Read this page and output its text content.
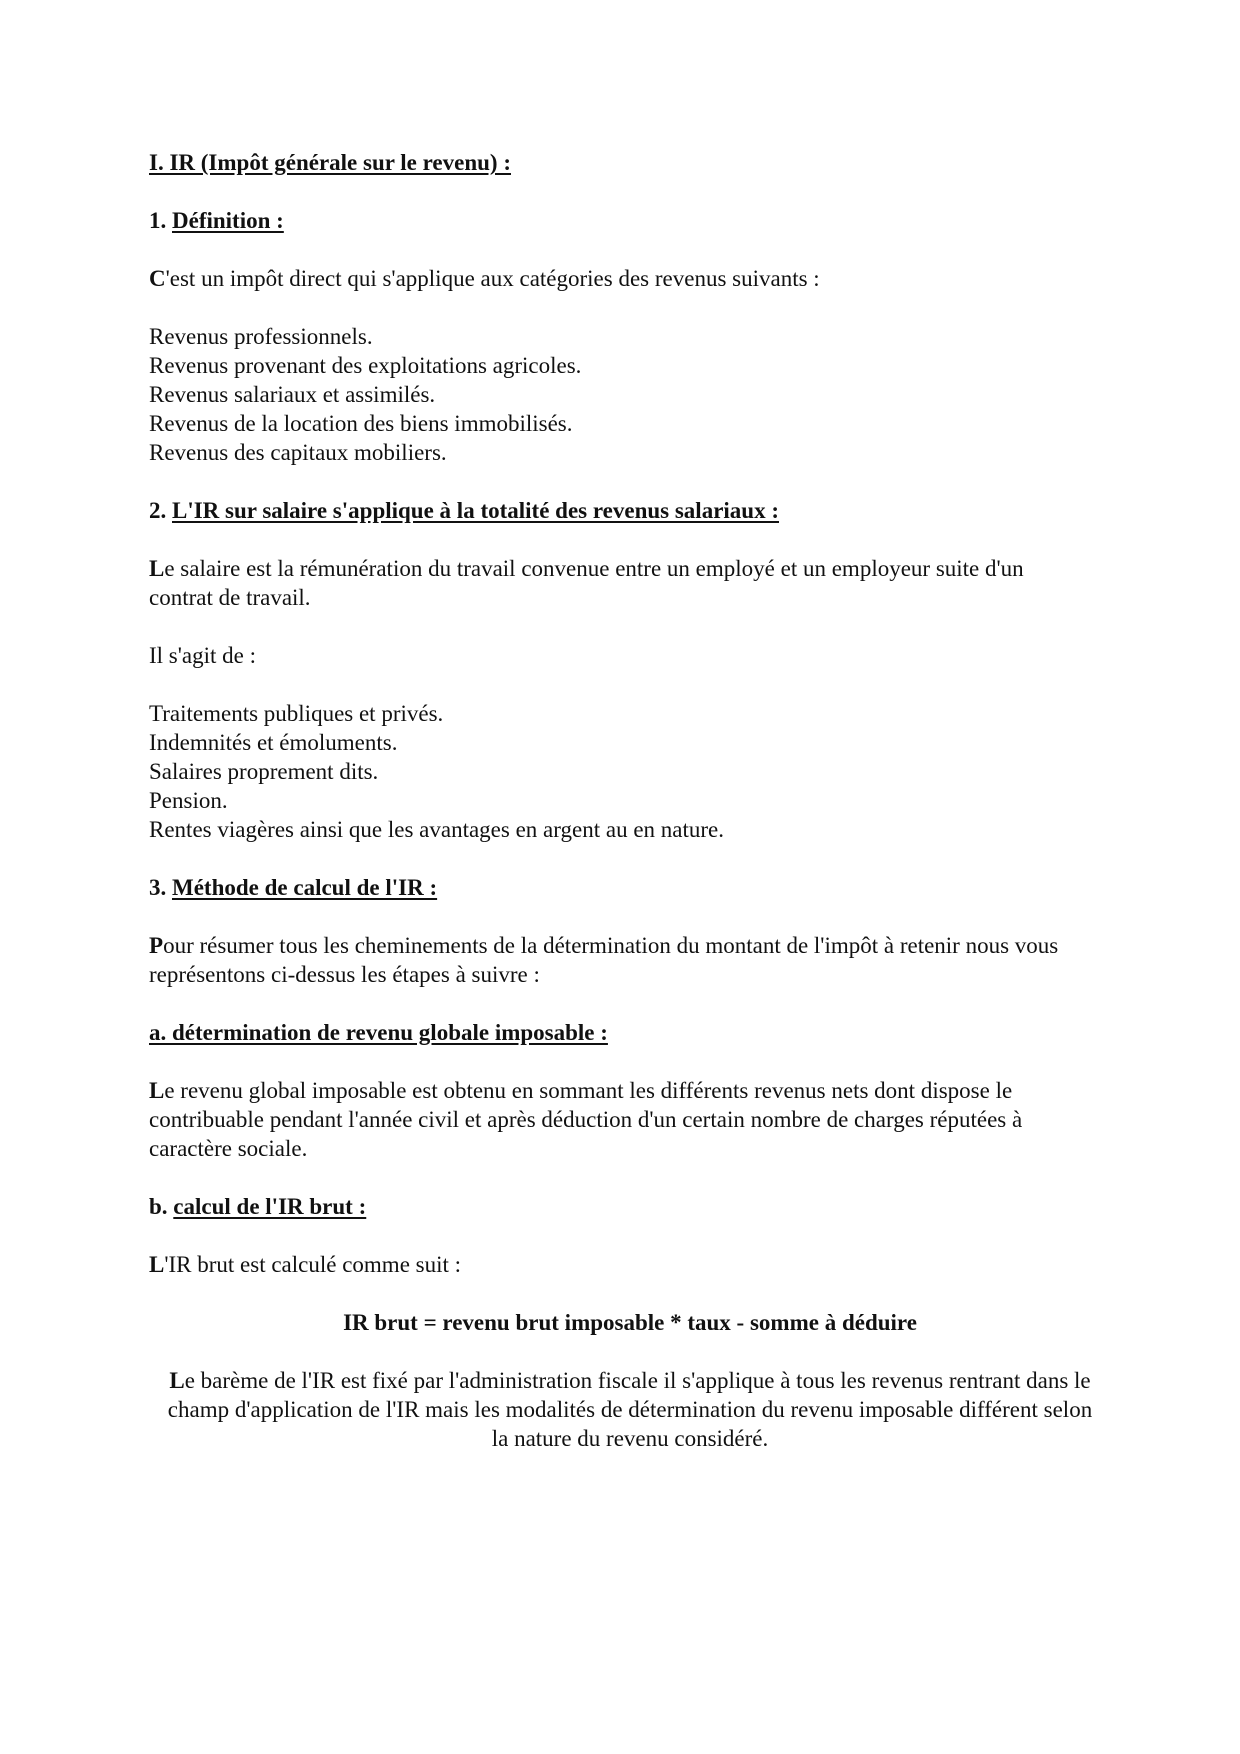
I. IR (Impôt générale sur le revenu) :

1. Définition :

C'est un impôt direct qui s'applique aux catégories des revenus suivants :

Revenus professionnels.

Revenus provenant des exploitations agricoles.

Revenus salariaux et assimilés.

Revenus de la location des biens immobilisés.

Revenus des capitaux mobiliers.

2. L'IR sur salaire s'applique à la totalité des revenus salariaux :

Le salaire est la rémunération du travail convenue entre un employé et un employeur suite d'un contrat de travail.

Il s'agit de :

Traitements publiques et privés.

Indemnités et émoluments.

Salaires proprement dits.

Pension.

Rentes viagères ainsi que les avantages en argent au en nature.

3. Méthode de calcul de l'IR :

Pour résumer tous les cheminements de la détermination du montant de l'impôt à retenir nous vous représentons ci-dessus les étapes à suivre :

a. détermination de revenu globale imposable :

Le revenu global imposable est obtenu en sommant les différents revenus nets dont dispose le contribuable pendant l'année civil et après déduction d'un certain nombre de charges réputées à caractère sociale.

b. calcul de l'IR brut :

L'IR brut est calculé comme suit :

IR brut = revenu brut imposable * taux - somme à déduire

Le barème de l'IR est fixé par l'administration fiscale il s'applique à tous les revenus rentrant dans le champ d'application de l'IR mais les modalités de détermination du revenu imposable différent selon la nature du revenu considéré.
